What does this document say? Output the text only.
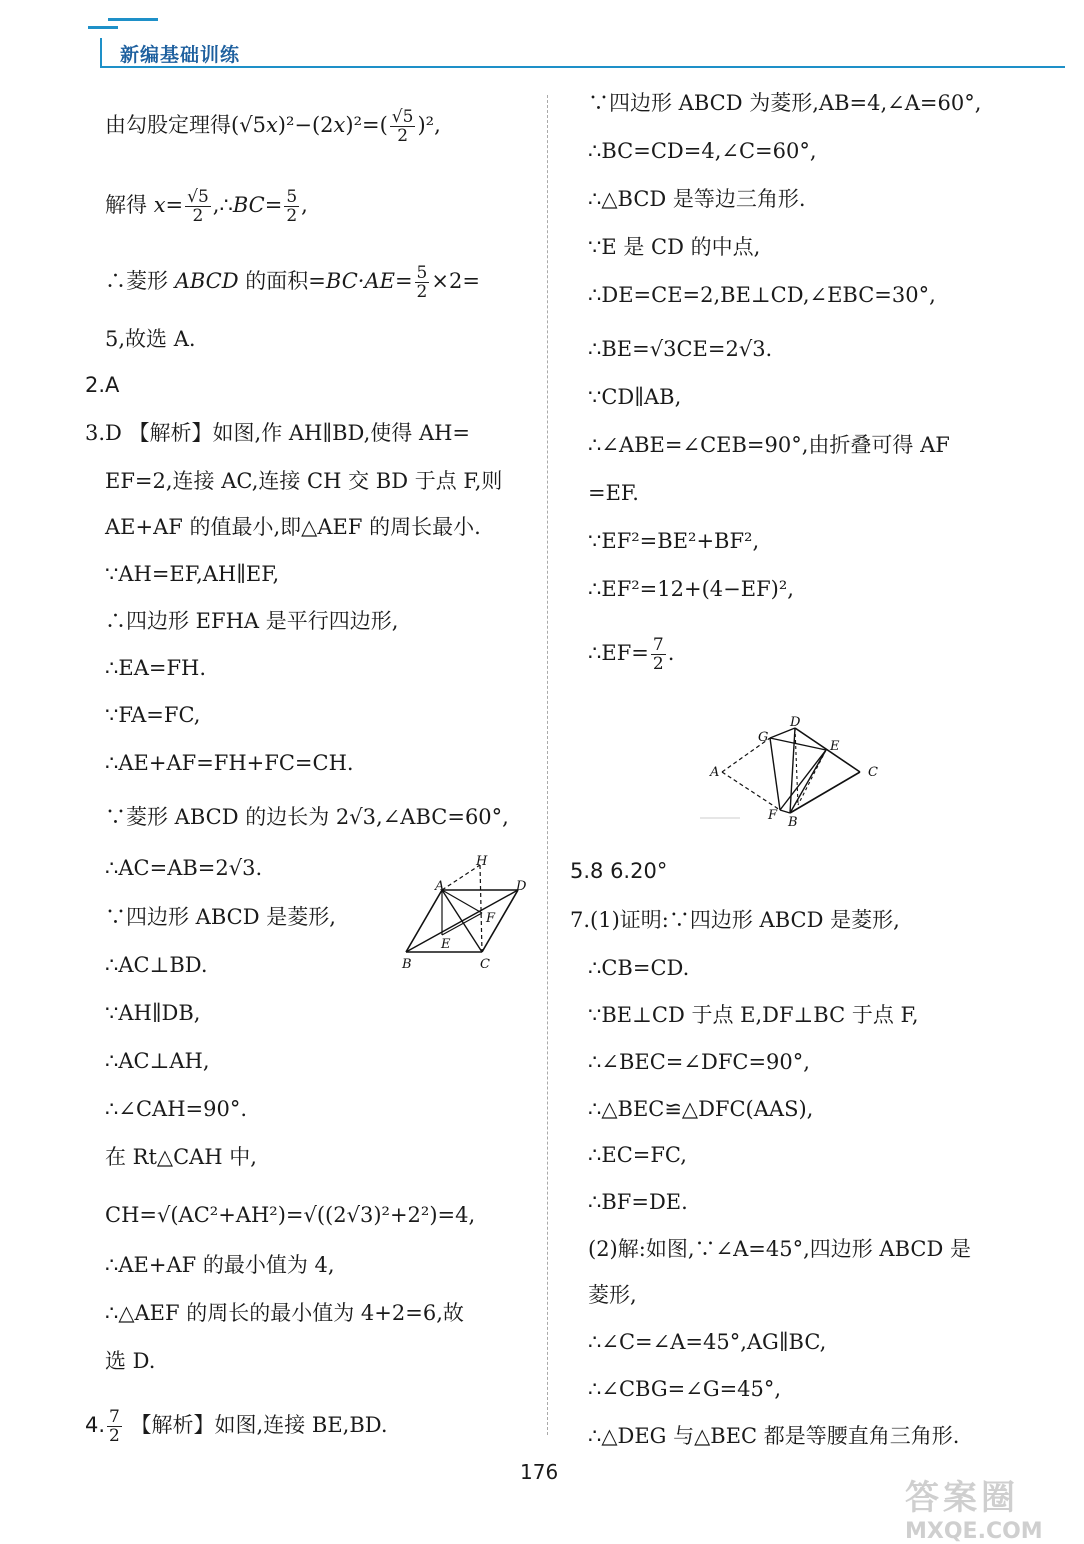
新编基础训练
由勾股定理得$(√5x)^2-(2x)^2=( \frac{√5}{2} )^2$,
解得 $x= \frac{√5}{2}$ ,∴BC= $\frac{5}{2}$ ,
∴菱形 ABCD 的面积$=BC\cdot AE= \frac{5}{2} \times 2=$
5,故选 A.
2.A
3.D 【解析】如图,作 AH∥BD,使得 AH=
EF=2,连接 AC,连接 CH 交 BD 于点 F,则
AE+AF 的值最小,即△AEF 的周长最小.
∵AH=EF,AH∥EF,
∴四边形 EFHA 是平行四边形,
∴EA=FH.
∵FA=FC,
∴AE+AF=FH+FC=CH.
∵菱形 ABCD 的边长为 2√3,∠ABC=60°,
∴AC=AB=2√3.
∵四边形 ABCD 是菱形,
∴AC⊥BD.
∵AH∥DB,
∴AC⊥AH,
∴∠CAH=90°.
在 Rt△CAH 中,
CH=√(AC²+AH²)=√((2√3)²+2²)=4,
∴AE+AF 的最小值为 4,
∴△AEF 的周长的最小值为 4+2=6,故
选 D.
4. $\frac{7}{2}$ 【解析】如图,连接 BE,BD.
H
A	D
F
E
B	C
∵四边形 ABCD 为菱形,AB=4,∠A=60°,
∴BC=CD=4,∠C=60°,
∴△BCD 是等边三角形.
∵E 是 CD 的中点,
∴DE=CE=2,BE⊥CD,∠EBC=30°,
∴BE=√3CE=2√3.
∵CD∥AB,
∴∠ABE=∠CEB=90°,由折叠可得 AF
=EF.
∵EF²=BE²+BF²,
∴EF²=12+(4−EF)²,
∴EF= $\frac{7}{2}$ .
5.8 6.20°
7.(1)证明:∵四边形 ABCD 是菱形,
∴CB=CD.
∵BE⊥CD 于点 E,DF⊥BC 于点 F,
∴∠BEC=∠DFC=90°,
∴△BEC≌△DFC(AAS),
∴EC=FC,
∴BF=DE.
(2)解:如图,∵∠A=45°,四边形 ABCD 是
菱形,
∴∠C=∠A=45°,AG∥BC,
∴∠CBG=∠G=45°,
∴△DEG 与△BEC 都是等腰直角三角形.
D
G
E
A	C
F B
176
答案圈
MXQE.COM
